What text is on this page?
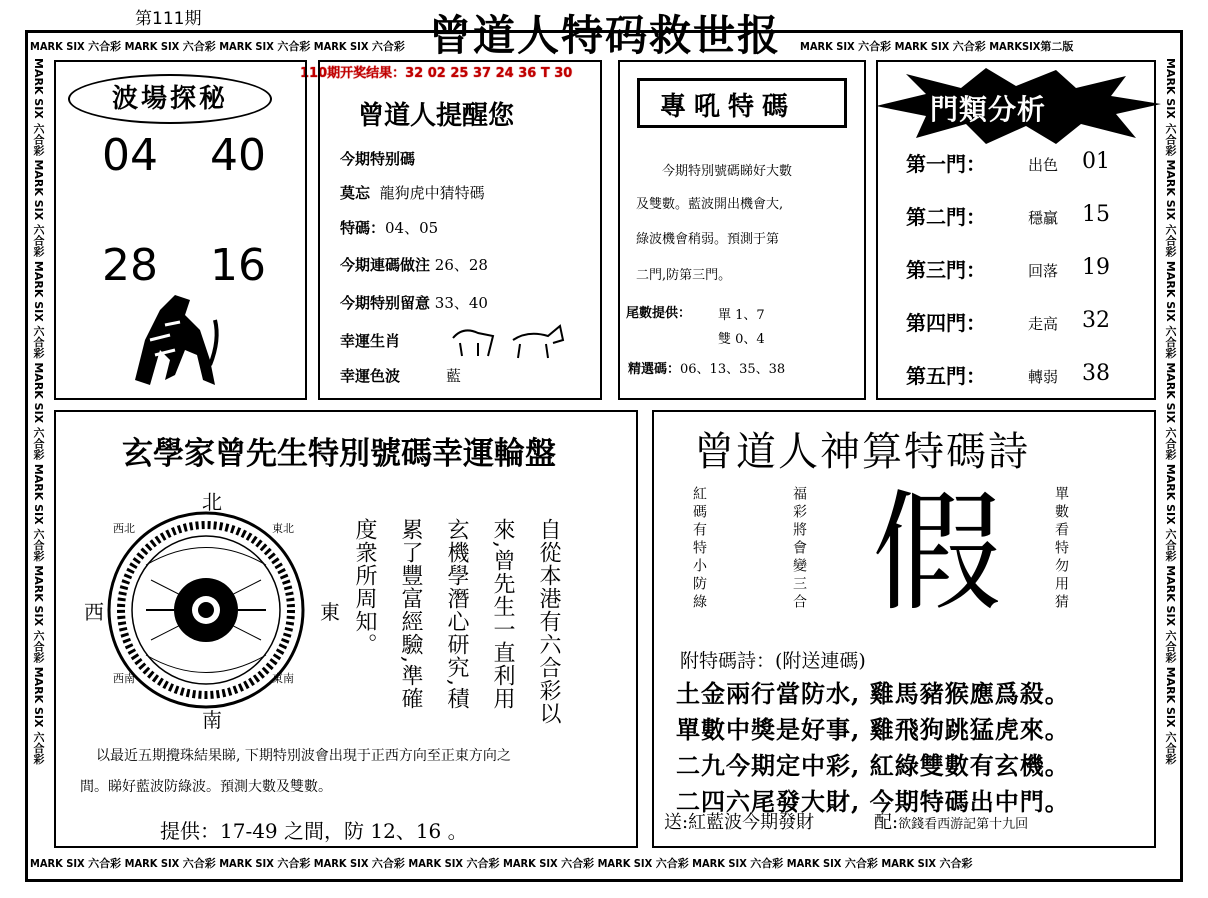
第111期	曾道人特码救世报
MARK SIX 六合彩 MARK SIX 六合彩 MARK SIX 六合彩 MARK SIX 六合彩	MARK SIX 六合彩 MARK SIX 六合彩 MARKSIX第二版
MARK SIX 六合彩 MARK SIX 六合彩 MARK SIX 六合彩 MARK SIX 六合彩 MARK SIX 六合彩 MARK SIX 六合彩 MARK SIX 六合彩 MARK SIX 六合彩 MARK SIX 六合彩 MARK SIX 六合彩
MARK SIX 六合彩 MARK SIX 六合彩 MARK SIX 六合彩 MARK SIX 六合彩 MARK SIX 六合彩 MARK SIX 六合彩 MARK SIX 六合彩
MARK SIX 六合彩 MARK SIX 六合彩 MARK SIX 六合彩 MARK SIX 六合彩 MARK SIX 六合彩 MARK SIX 六合彩 MARK SIX 六合彩
110期开奖结果：32 02 25 37 24 36 T 30
波場探秘
04 40
28 16
曾道人提醒您
今期特别碼
莫忘 龍狗虎中猜特碼
特碼：04、05
今期連碼做注 26、28
今期特别留意 33、40
幸運生肖
幸運色波	藍
專吼特碼
今期特別號碼睇好大數
及雙數。藍波開出機會大,
綠波機會稍弱。預測于第
二門,防第三門。
尾數提供： 單 1、7
雙 0、4
精選碼：06、13、35、38
門類分析
第一門：	出色 01
第二門：	穩贏 15
第三門：	回落 19
第四門：	走高 32
第五門：	轉弱 38
玄學家曾先生特別號碼幸運輪盤
北
南
西	東
西北	東北
西南	東南	自從本港有六合彩以
來,曾先生一直利用
玄機學潛心研究,積
累了豐富經驗,準確
度衆所周知。
以最近五期攪珠結果睇, 下期特別波會出現于正西方向至正東方向之
間。睇好藍波防綠波。預測大數及雙數。
提供：17-49 之間，防 12、16 。
曾道人神算特碼詩
紅碼有特小防綠	福彩將會變三合	單數看特勿用猜
假
附特碼詩：(附送連碼)
土金兩行當防水, 雞馬豬猴應爲殺。
單數中獎是好事, 雞飛狗跳猛虎來。
二九今期定中彩, 紅綠雙數有玄機。
二四六尾發大財, 今期特碼出中門。
送:紅藍波今期發財	配:欲錢看西游記第十九回
